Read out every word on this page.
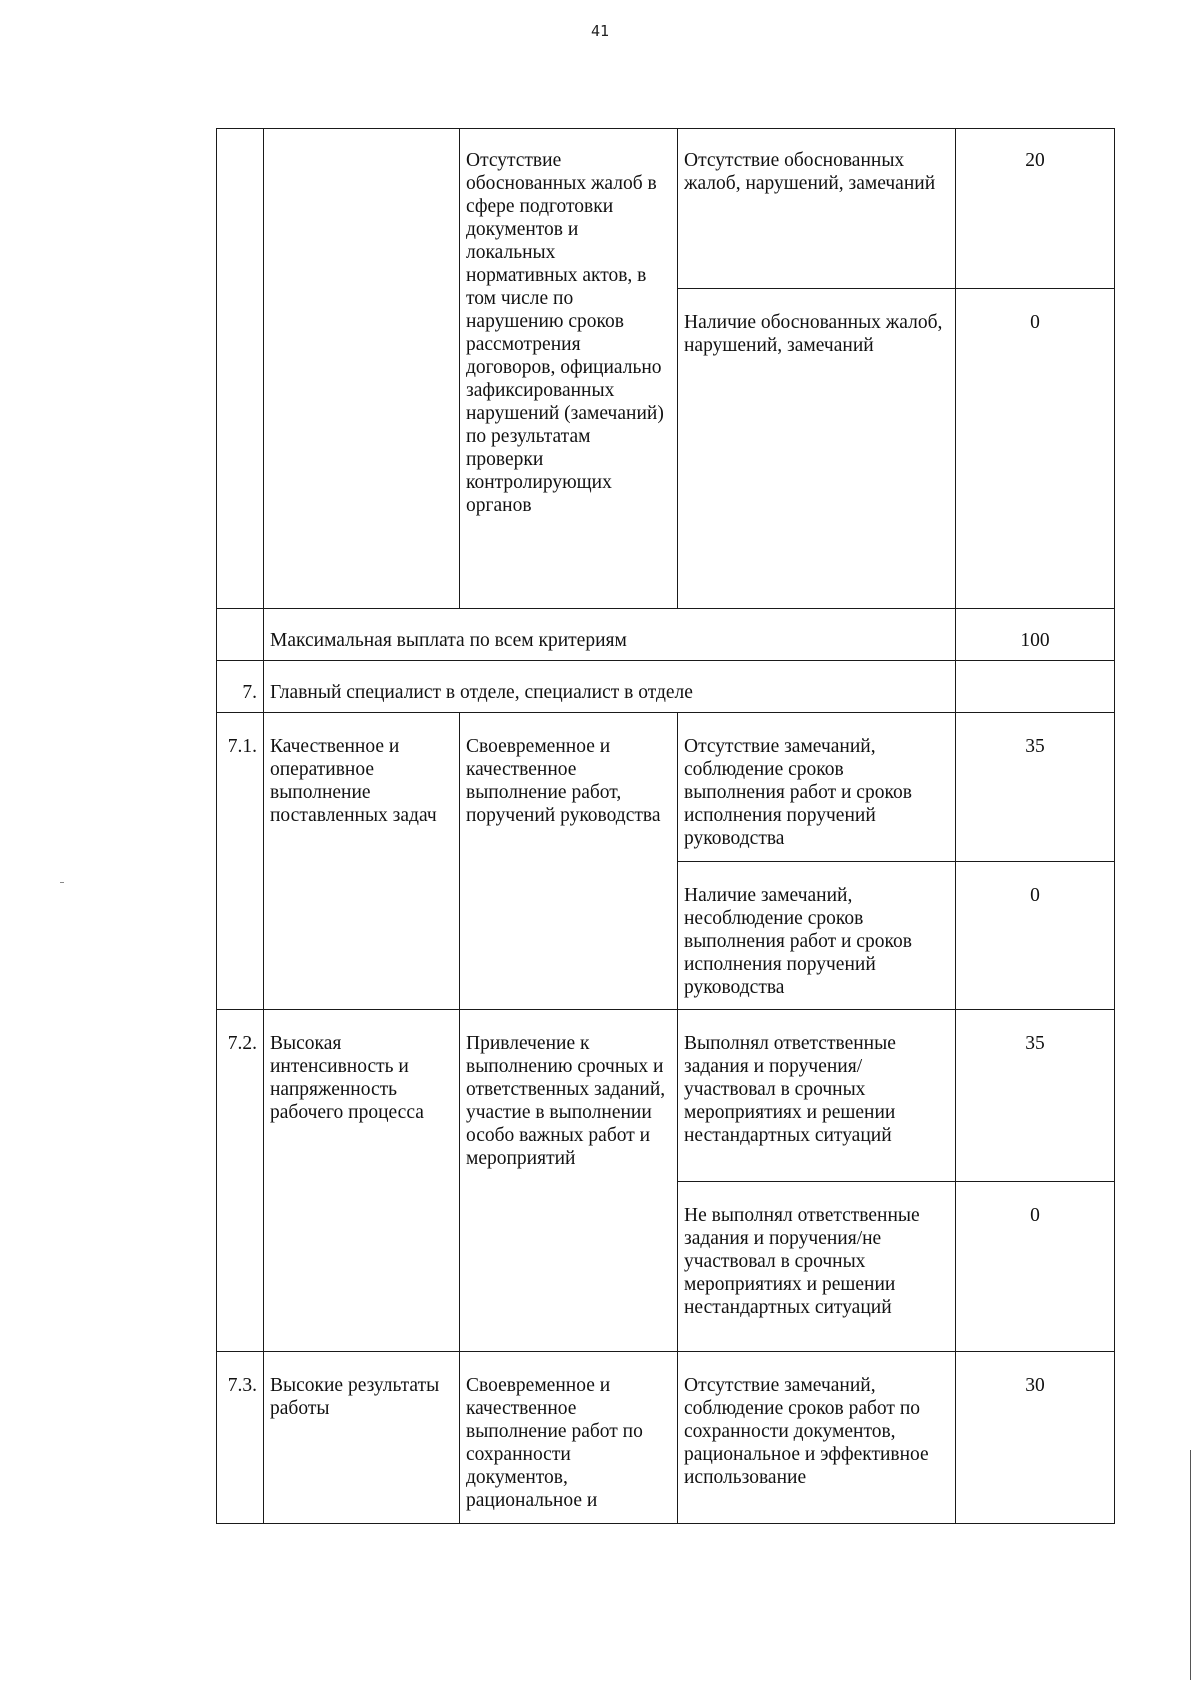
41
		Отсутствие обоснованных жалоб в сфере подготовки документов и локальных нормативных актов, в том числе по нарушению сроков рассмотрения договоров, официально зафиксированных нарушений (замечаний) по результатам проверки контролирующих органов	Отсутствие обоснованных жалоб, нарушений, замечаний	20
			Наличие обоснованных жалоб, нарушений, замечаний	0
	Максимальная выплата по всем критериям			100
7.	Главный специалист в отделе, специалист в отделе			
7.1.	Качественное и оперативное выполнение поставленных задач	Своевременное и качественное выполнение работ, поручений руководства	Отсутствие замечаний, соблюдение сроков выполнения работ и сроков исполнения поручений руководства	35
			Наличие замечаний, несоблюдение сроков выполнения работ и сроков исполнения поручений руководства	0
7.2.	Высокая интенсивность и напряженность рабочего процесса	Привлечение к выполнению срочных и ответственных заданий, участие в выполнении особо важных работ и мероприятий	Выполнял ответственные задания и поручения/участвовал в срочных мероприятиях и решении нестандартных ситуаций	35
			Не выполнял ответственные задания и поручения/не участвовал в срочных мероприятиях и решении нестандартных ситуаций	0
7.3.	Высокие результаты работы	Своевременное и качественное выполнение работ по сохранности документов, рациональное и	Отсутствие замечаний, соблюдение сроков работ по сохранности документов, рациональное и эффективное использование	30
